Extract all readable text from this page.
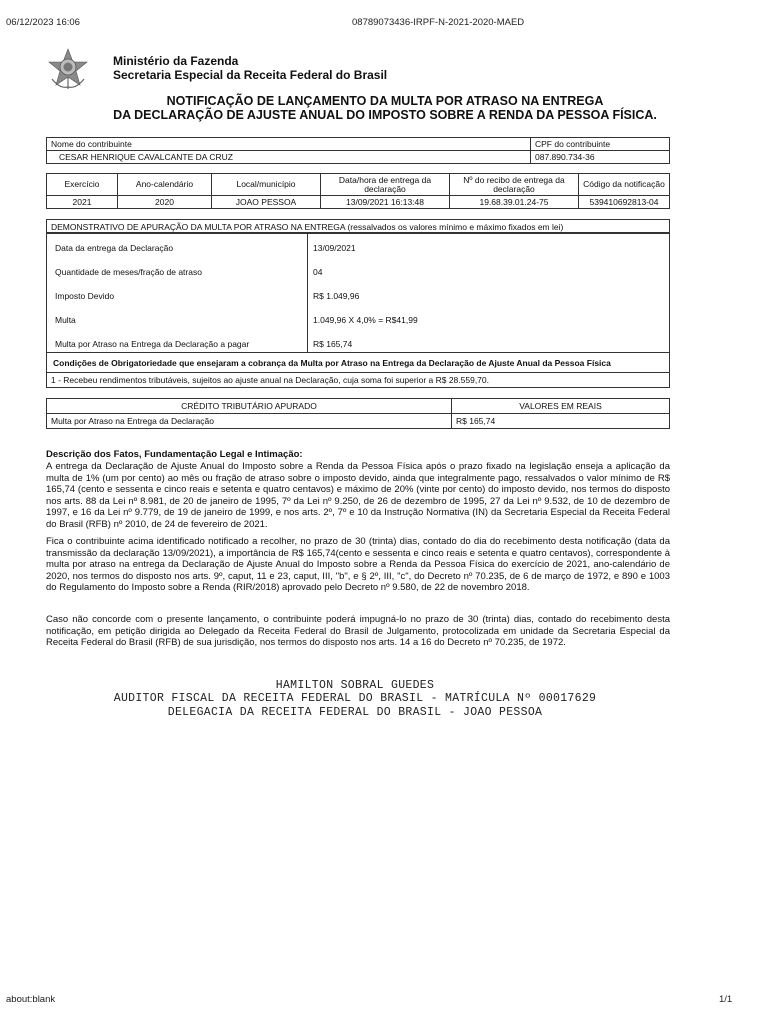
06/12/2023 16:06	08789073436-IRPF-N-2021-2020-MAED
Ministério da Fazenda
Secretaria Especial da Receita Federal do Brasil
NOTIFICAÇÃO DE LANÇAMENTO DA MULTA POR ATRASO NA ENTREGA
DA DECLARAÇÃO DE AJUSTE ANUAL DO IMPOSTO SOBRE A RENDA DA PESSOA FÍSICA.
Nome do contribuinte	CPF do contribuinte
CESAR HENRIQUE CAVALCANTE DA CRUZ	087.890.734-36
Exercício	Ano-calendário	Local/município	Data/hora de entrega da declaração	Nº do recibo de entrega da declaração	Código da notificação
2021	2020	JOAO PESSOA	13/09/2021 16:13:48	19.68.39.01.24-75	539410692813-04
DEMONSTRATIVO DE APURAÇÃO DA MULTA POR ATRASO NA ENTREGA (ressalvados os valores mínimo e máximo fixados em lei)
Data da entrega da Declaração	13/09/2021
Quantidade de meses/fração de atraso	04
Imposto Devido	R$ 1.049,96
Multa	1.049,96 X 4,0% = R$41,99
Multa por Atraso na Entrega da Declaração a pagar	R$ 165,74
Condições de Obrigatoriedade que ensejaram a cobrança da Multa por Atraso na Entrega da Declaração de Ajuste Anual da Pessoa Física
1 - Recebeu rendimentos tributáveis, sujeitos ao ajuste anual na Declaração, cuja soma foi superior a R$ 28.559,70.
CRÉDITO TRIBUTÁRIO APURADO	VALORES EM REAIS
Multa por Atraso na Entrega da Declaração	R$ 165,74
Descrição dos Fatos, Fundamentação Legal e Intimação:
A entrega da Declaração de Ajuste Anual do Imposto sobre a Renda da Pessoa Física após o prazo fixado na legislação enseja a aplicação da multa de 1% (um por cento) ao mês ou fração de atraso sobre o imposto devido, ainda que integralmente pago, ressalvados o valor mínimo de R$ 165,74 (cento e sessenta e cinco reais e setenta e quatro centavos) e máximo de 20% (vinte por cento) do imposto devido, nos termos do disposto nos arts. 88 da Lei nº 8.981, de 20 de janeiro de 1995, 7º da Lei nº 9.250, de 26 de dezembro de 1995, 27 da Lei nº 9.532, de 10 de dezembro de 1997, e 16 da Lei nº 9.779, de 19 de janeiro de 1999, e nos arts. 2º, 7º e 10 da Instrução Normativa (IN) da Secretaria Especial da Receita Federal do Brasil (RFB) nº 2010, de 24 de fevereiro de 2021.
Fica o contribuinte acima identificado notificado a recolher, no prazo de 30 (trinta) dias, contado do dia do recebimento desta notificação (data da transmissão da declaração 13/09/2021), a importância de R$ 165,74(cento e sessenta e cinco reais e setenta e quatro centavos), correspondente à multa por atraso na entrega da Declaração de Ajuste Anual do Imposto sobre a Renda da Pessoa Física do exercício de 2021, ano-calendário de 2020, nos termos do disposto nos arts. 9º, caput, 11 e 23, caput, III, "b", e § 2º, III, "c", do Decreto nº 70.235, de 6 de março de 1972, e 890 e 1003 do Regulamento do Imposto sobre a Renda (RIR/2018) aprovado pelo Decreto nº 9.580, de 22 de novembro 2018.
Caso não concorde com o presente lançamento, o contribuinte poderá impugná-lo no prazo de 30 (trinta) dias, contado do recebimento desta notificação, em petição dirigida ao Delegado da Receita Federal do Brasil de Julgamento, protocolizada em unidade da Secretaria Especial da Receita Federal do Brasil (RFB) de sua jurisdição, nos termos do disposto nos arts. 14 a 16 do Decreto nº 70.235, de 1972.
HAMILTON SOBRAL GUEDES
AUDITOR FISCAL DA RECEITA FEDERAL DO BRASIL - MATRÍCULA Nº 00017629
DELEGACIA DA RECEITA FEDERAL DO BRASIL - JOAO PESSOA
about:blank	1/1
